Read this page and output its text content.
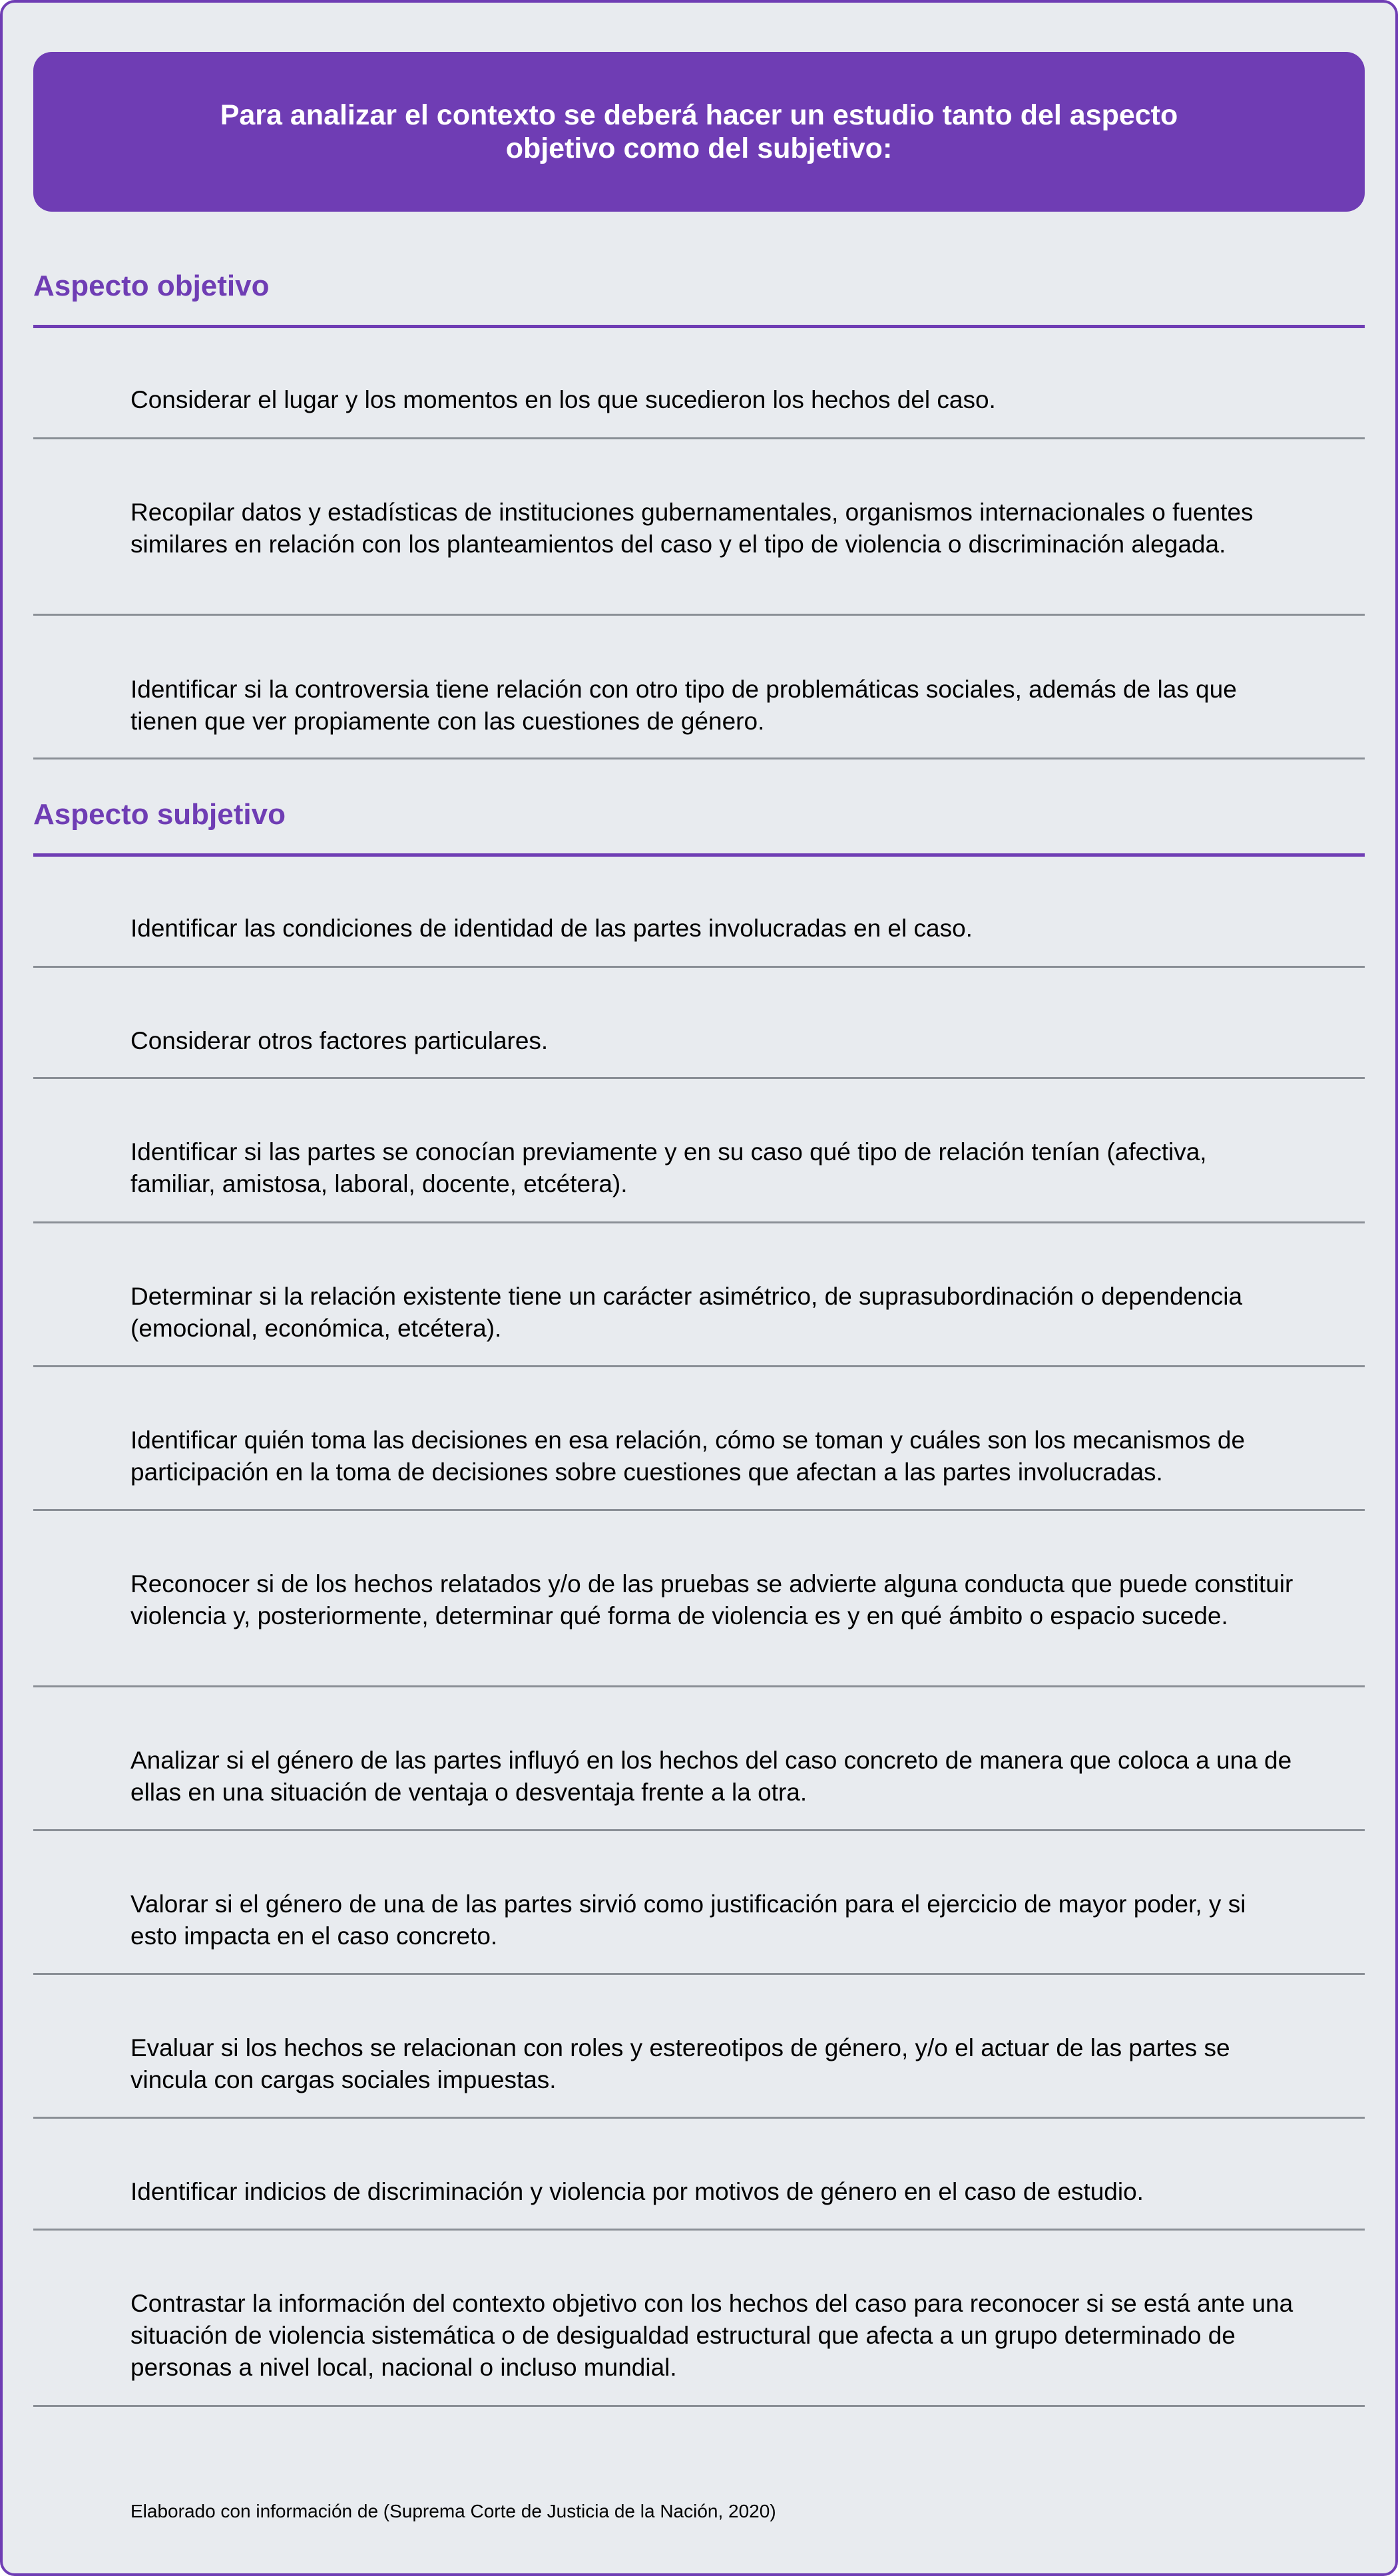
Para analizar el contexto se deberá hacer un estudio tanto del aspecto objetivo como del subjetivo:
Aspecto objetivo
Considerar el lugar y los momentos en los que sucedieron los hechos del caso.
Recopilar datos y estadísticas de instituciones gubernamentales, organismos internacionales o fuentes similares en relación con los planteamientos del caso y el tipo de violencia o discriminación alegada.
Identificar si la controversia tiene relación con otro tipo de problemáticas sociales, además de las que tienen que ver propiamente con las cuestiones de género.
Aspecto subjetivo
Identificar las condiciones de identidad de las partes involucradas en el caso.
Considerar otros factores particulares.
Identificar si las partes se conocían previamente y en su caso qué tipo de relación tenían (afectiva, familiar, amistosa, laboral, docente, etcétera).
Determinar si la relación existente tiene un carácter asimétrico, de suprasubordinación o dependencia (emocional, económica, etcétera).
Identificar quién toma las decisiones en esa relación, cómo se toman y cuáles son los mecanismos de participación en la toma de decisiones sobre cuestiones que afectan a las partes involucradas.
Reconocer si de los hechos relatados y/o de las pruebas se advierte alguna conducta que puede constituir violencia y, posteriormente, determinar qué forma de violencia es y en qué ámbito o espacio sucede.
Analizar si el género de las partes influyó en los hechos del caso concreto de manera que coloca a una de ellas en una situación de ventaja o desventaja frente a la otra.
Valorar si el género de una de las partes sirvió como justificación para el ejercicio de mayor poder, y si esto impacta en el caso concreto.
Evaluar si los hechos se relacionan con roles y estereotipos de género, y/o el actuar de las partes se vincula con cargas sociales impuestas.
Identificar indicios de discriminación y violencia por motivos de género en el caso de estudio.
Contrastar la información del contexto objetivo con los hechos del caso para reconocer si se está ante una situación de violencia sistemática o de desigualdad estructural que afecta a un grupo determinado de personas a nivel local, nacional o incluso mundial.
Elaborado con información de (Suprema Corte de Justicia de la Nación, 2020)
